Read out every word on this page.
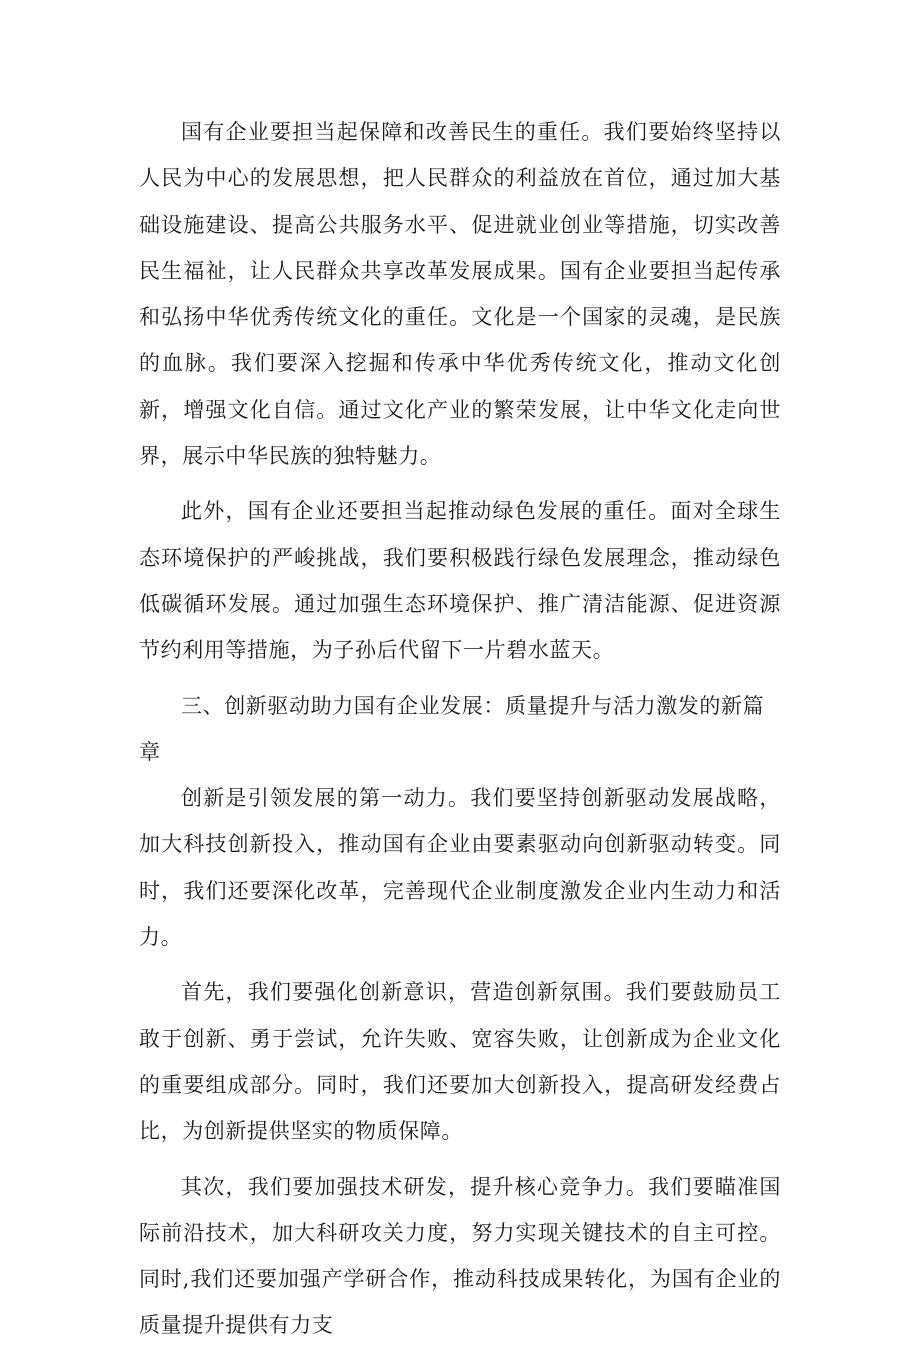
国有企业要担当起保障和改善民生的重任。我们要始终坚持以人民为中心的发展思想，把人民群众的利益放在首位，通过加大基础设施建设、提高公共服务水平、促进就业创业等措施，切实改善民生福祉，让人民群众共享改革发展成果。国有企业要担当起传承和弘扬中华优秀传统文化的重任。文化是一个国家的灵魂，是民族的血脉。我们要深入挖掘和传承中华优秀传统文化，推动文化创新，增强文化自信。通过文化产业的繁荣发展，让中华文化走向世界，展示中华民族的独特魅力。

此外，国有企业还要担当起推动绿色发展的重任。面对全球生态环境保护的严峻挑战，我们要积极践行绿色发展理念，推动绿色低碳循环发展。通过加强生态环境保护、推广清洁能源、促进资源节约利用等措施，为子孙后代留下一片碧水蓝天。

三、创新驱动助力国有企业发展：质量提升与活力激发的新篇章

创新是引领发展的第一动力。我们要坚持创新驱动发展战略，加大科技创新投入，推动国有企业由要素驱动向创新驱动转变。同时，我们还要深化改革，完善现代企业制度激发企业内生动力和活力。

首先，我们要强化创新意识，营造创新氛围。我们要鼓励员工敢于创新、勇于尝试，允许失败、宽容失败，让创新成为企业文化的重要组成部分。同时，我们还要加大创新投入，提高研发经费占比，为创新提供坚实的物质保障。

其次，我们要加强技术研发，提升核心竞争力。我们要瞄准国际前沿技术，加大科研攻关力度，努力实现关键技术的自主可控。同时,我们还要加强产学研合作，推动科技成果转化，为国有企业的质量提升提供有力支
